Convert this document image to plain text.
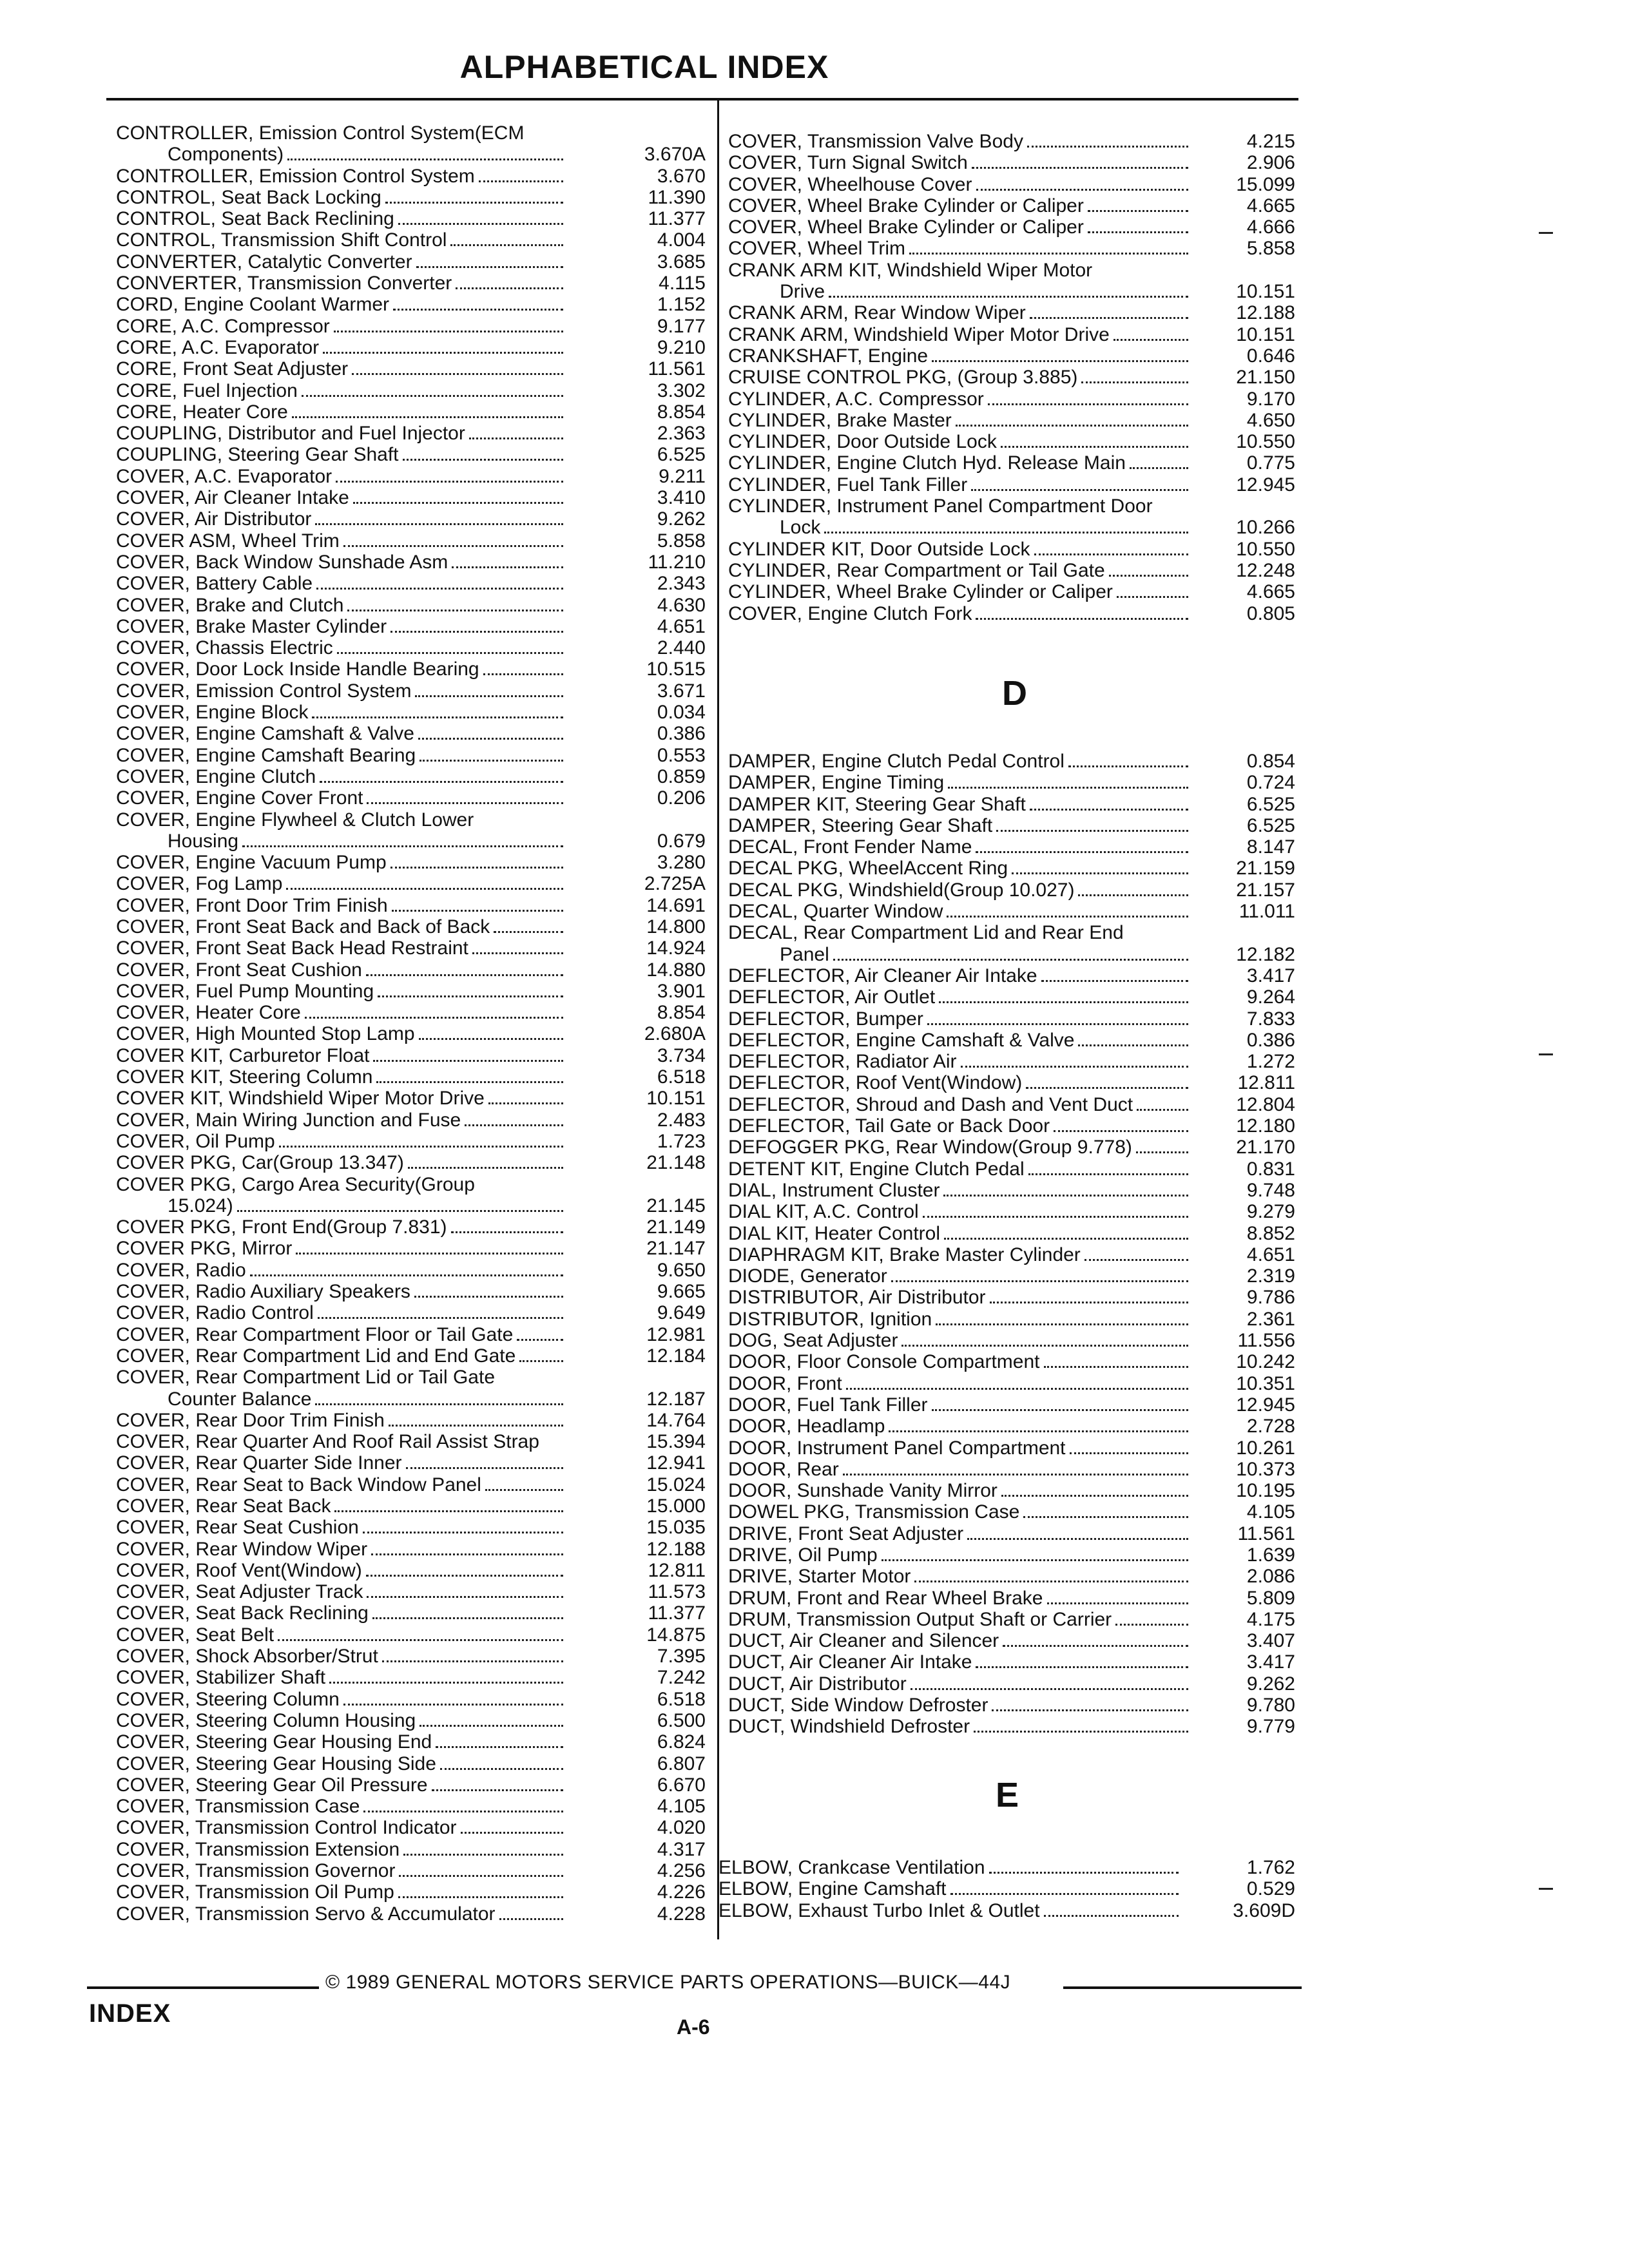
ALPHABETICAL INDEX
CONTROLLER, Emission Control System(ECM
Components)	3.670A
CONTROLLER, Emission Control System	3.670
CONTROL, Seat Back Locking	11.390
CONTROL, Seat Back Reclining	11.377
CONTROL, Transmission Shift Control	4.004
CONVERTER, Catalytic Converter	3.685
CONVERTER, Transmission Converter	4.115
CORD, Engine Coolant Warmer	1.152
CORE, A.C. Compressor	9.177
CORE, A.C. Evaporator	9.210
CORE, Front Seat Adjuster	11.561
CORE, Fuel Injection	3.302
CORE, Heater Core	8.854
COUPLING, Distributor and Fuel Injector	2.363
COUPLING, Steering Gear Shaft	6.525
COVER, A.C. Evaporator	9.211
COVER, Air Cleaner Intake	3.410
COVER, Air Distributor	9.262
COVER ASM, Wheel Trim	5.858
COVER, Back Window Sunshade Asm	11.210
COVER, Battery Cable	2.343
COVER, Brake and Clutch	4.630
COVER, Brake Master Cylinder	4.651
COVER, Chassis Electric	2.440
COVER, Door Lock Inside Handle Bearing	10.515
COVER, Emission Control System	3.671
COVER, Engine Block	0.034
COVER, Engine Camshaft & Valve	0.386
COVER, Engine Camshaft Bearing	0.553
COVER, Engine Clutch	0.859
COVER, Engine Cover Front	0.206
COVER, Engine Flywheel & Clutch Lower
Housing	0.679
COVER, Engine Vacuum Pump	3.280
COVER, Fog Lamp	2.725A
COVER, Front Door Trim Finish	14.691
COVER, Front Seat Back and Back of Back	14.800
COVER, Front Seat Back Head Restraint	14.924
COVER, Front Seat Cushion	14.880
COVER, Fuel Pump Mounting	3.901
COVER, Heater Core	8.854
COVER, High Mounted Stop Lamp	2.680A
COVER KIT, Carburetor Float	3.734
COVER KIT, Steering Column	6.518
COVER KIT, Windshield Wiper Motor Drive	10.151
COVER, Main Wiring Junction and Fuse	2.483
COVER, Oil Pump	1.723
COVER PKG, Car(Group 13.347)	21.148
COVER PKG, Cargo Area Security(Group
15.024)	21.145
COVER PKG, Front End(Group 7.831)	21.149
COVER PKG, Mirror	21.147
COVER, Radio	9.650
COVER, Radio Auxiliary Speakers	9.665
COVER, Radio Control	9.649
COVER, Rear Compartment Floor or Tail Gate	12.981
COVER, Rear Compartment Lid and End Gate	12.184
COVER, Rear Compartment Lid or Tail Gate
Counter Balance	12.187
COVER, Rear Door Trim Finish	14.764
COVER, Rear Quarter And Roof Rail Assist Strap	15.394
COVER, Rear Quarter Side Inner	12.941
COVER, Rear Seat to Back Window Panel	15.024
COVER, Rear Seat Back	15.000
COVER, Rear Seat Cushion	15.035
COVER, Rear Window Wiper	12.188
COVER, Roof Vent(Window)	12.811
COVER, Seat Adjuster Track	11.573
COVER, Seat Back Reclining	11.377
COVER, Seat Belt	14.875
COVER, Shock Absorber/Strut	7.395
COVER, Stabilizer Shaft	7.242
COVER, Steering Column	6.518
COVER, Steering Column Housing	6.500
COVER, Steering Gear Housing End	6.824
COVER, Steering Gear Housing Side	6.807
COVER, Steering Gear Oil Pressure	6.670
COVER, Transmission Case	4.105
COVER, Transmission Control Indicator	4.020
COVER, Transmission Extension	4.317
COVER, Transmission Governor	4.256
COVER, Transmission Oil Pump	4.226
COVER, Transmission Servo & Accumulator	4.228
COVER, Transmission Valve Body	4.215
COVER, Turn Signal Switch	2.906
COVER, Wheelhouse Cover	15.099
COVER, Wheel Brake Cylinder or Caliper	4.665
COVER, Wheel Brake Cylinder or Caliper	4.666
COVER, Wheel Trim	5.858
CRANK ARM KIT, Windshield Wiper Motor
Drive	10.151
CRANK ARM, Rear Window Wiper	12.188
CRANK ARM, Windshield Wiper Motor Drive	10.151
CRANKSHAFT, Engine	0.646
CRUISE CONTROL PKG, (Group 3.885)	21.150
CYLINDER, A.C. Compressor	9.170
CYLINDER, Brake Master	4.650
CYLINDER, Door Outside Lock	10.550
CYLINDER, Engine Clutch Hyd. Release Main	0.775
CYLINDER, Fuel Tank Filler	12.945
CYLINDER, Instrument Panel Compartment Door
Lock	10.266
CYLINDER KIT, Door Outside Lock	10.550
CYLINDER, Rear Compartment or Tail Gate	12.248
CYLINDER, Wheel Brake Cylinder or Caliper	4.665
COVER, Engine Clutch Fork	0.805
D
DAMPER, Engine Clutch Pedal Control	0.854
DAMPER, Engine Timing	0.724
DAMPER KIT, Steering Gear Shaft	6.525
DAMPER, Steering Gear Shaft	6.525
DECAL, Front Fender Name	8.147
DECAL PKG, WheelAccent Ring	21.159
DECAL PKG, Windshield(Group 10.027)	21.157
DECAL, Quarter Window	11.011
DECAL, Rear Compartment Lid and Rear End
Panel	12.182
DEFLECTOR, Air Cleaner Air Intake	3.417
DEFLECTOR, Air Outlet	9.264
DEFLECTOR, Bumper	7.833
DEFLECTOR, Engine Camshaft & Valve	0.386
DEFLECTOR, Radiator Air	1.272
DEFLECTOR, Roof Vent(Window)	12.811
DEFLECTOR, Shroud and Dash and Vent Duct	12.804
DEFLECTOR, Tail Gate or Back Door	12.180
DEFOGGER PKG, Rear Window(Group 9.778)	21.170
DETENT KIT, Engine Clutch Pedal	0.831
DIAL, Instrument Cluster	9.748
DIAL KIT, A.C. Control	9.279
DIAL KIT, Heater Control	8.852
DIAPHRAGM KIT, Brake Master Cylinder	4.651
DIODE, Generator	2.319
DISTRIBUTOR, Air Distributor	9.786
DISTRIBUTOR, Ignition	2.361
DOG, Seat Adjuster	11.556
DOOR, Floor Console Compartment	10.242
DOOR, Front	10.351
DOOR, Fuel Tank Filler	12.945
DOOR, Headlamp	2.728
DOOR, Instrument Panel Compartment	10.261
DOOR, Rear	10.373
DOOR, Sunshade Vanity Mirror	10.195
DOWEL PKG, Transmission Case	4.105
DRIVE, Front Seat Adjuster	11.561
DRIVE, Oil Pump	1.639
DRIVE, Starter Motor	2.086
DRUM, Front and Rear Wheel Brake	5.809
DRUM, Transmission Output Shaft or Carrier	4.175
DUCT, Air Cleaner and Silencer	3.407
DUCT, Air Cleaner Air Intake	3.417
DUCT, Air Distributor	9.262
DUCT, Side Window Defroster	9.780
DUCT, Windshield Defroster	9.779
E
ELBOW, Crankcase Ventilation	1.762
ELBOW, Engine Camshaft	0.529
ELBOW, Exhaust Turbo Inlet & Outlet	3.609D
© 1989 GENERAL MOTORS SERVICE PARTS OPERATIONS—BUICK—44J
INDEX	A-6
